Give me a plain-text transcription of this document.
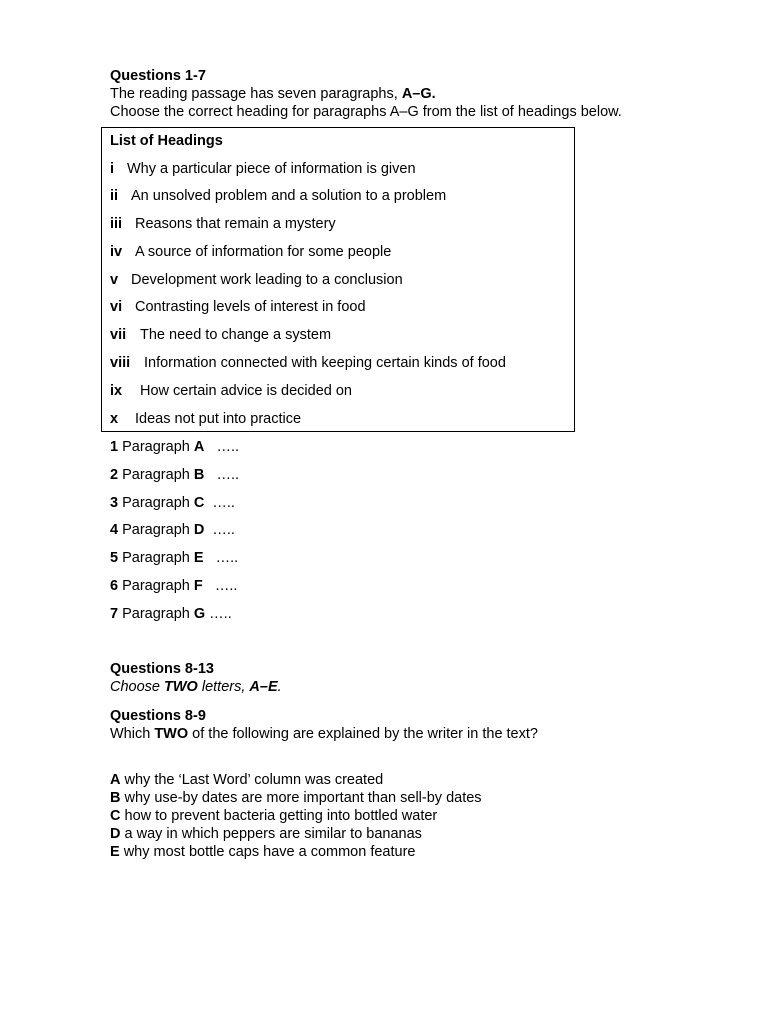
Questions 1-7
The reading passage has seven paragraphs, A–G.
Choose the correct heading for paragraphs A–G from the list of headings below.
List of Headings
i Why a particular piece of information is given
ii An unsolved problem and a solution to a problem
iii Reasons that remain a mystery
iv A source of information for some people
v Development work leading to a conclusion
vi Contrasting levels of interest in food
vii The need to change a system
viii Information connected with keeping certain kinds of food
ix How certain advice is decided on
x Ideas not put into practice
1 Paragraph A …..
2 Paragraph B …..
3 Paragraph C …..
4 Paragraph D …..
5 Paragraph E …..
6 Paragraph F …..
7 Paragraph G …..
Questions 8-13
Choose TWO letters, A–E.
Questions 8-9
Which TWO of the following are explained by the writer in the text?
A why the ‘Last Word’ column was created
B why use-by dates are more important than sell-by dates
C how to prevent bacteria getting into bottled water
D a way in which peppers are similar to bananas
E why most bottle caps have a common feature
